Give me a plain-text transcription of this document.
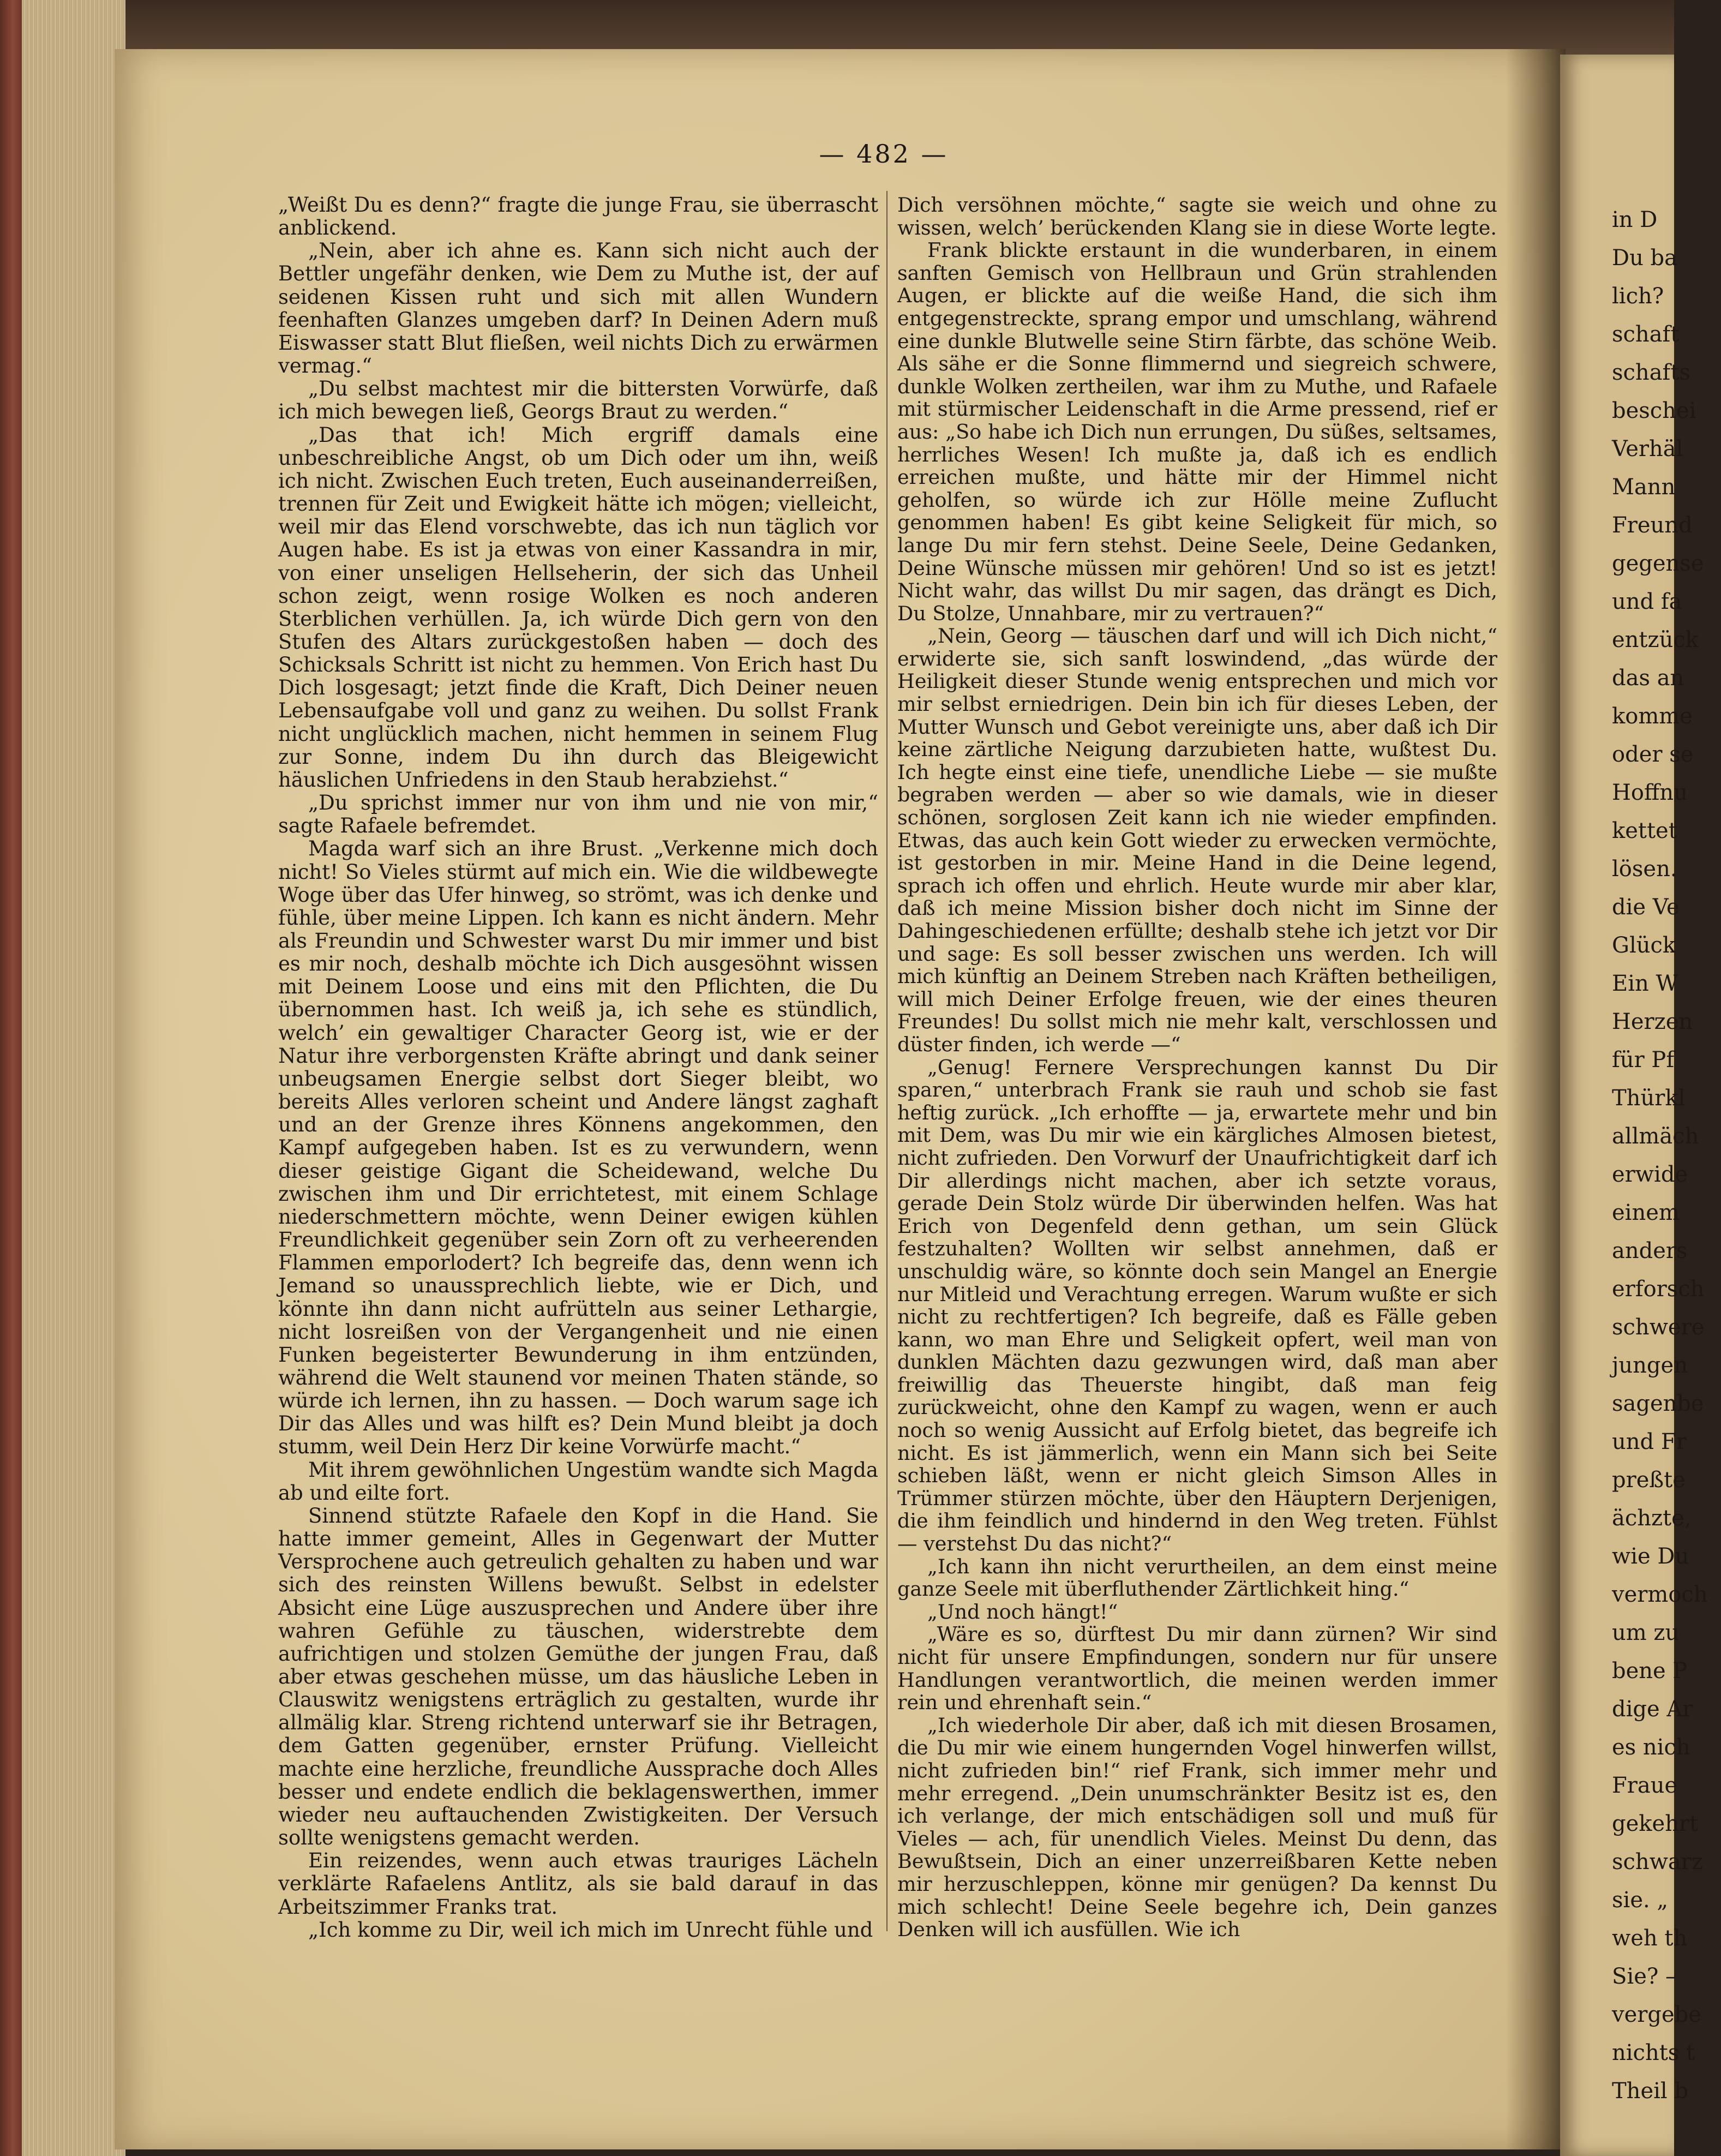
— 482 —

„Weißt Du es denn?“ fragte die junge Frau, sie überrascht anblickend.

„Nein, aber ich ahne es. Kann sich nicht auch der Bettler ungefähr denken, wie Dem zu Muthe ist, der auf seidenen Kissen ruht und sich mit allen Wundern feenhaften Glanzes umgeben darf? In Deinen Adern muß Eiswasser statt Blut fließen, weil nichts Dich zu erwärmen vermag.“

„Du selbst machtest mir die bittersten Vorwürfe, daß ich mich bewegen ließ, Georgs Braut zu werden.“

„Das that ich! Mich ergriff damals eine unbeschreibliche Angst, ob um Dich oder um ihn, weiß ich nicht. Zwischen Euch treten, Euch auseinanderreißen, trennen für Zeit und Ewigkeit hätte ich mögen; vielleicht, weil mir das Elend vorschwebte, das ich nun täglich vor Augen habe. Es ist ja etwas von einer Kassandra in mir, von einer unseligen Hellseherin, der sich das Unheil schon zeigt, wenn rosige Wolken es noch anderen Sterblichen verhüllen. Ja, ich würde Dich gern von den Stufen des Altars zurückgestoßen haben — doch des Schicksals Schritt ist nicht zu hemmen. Von Erich hast Du Dich losgesagt; jetzt finde die Kraft, Dich Deiner neuen Lebensaufgabe voll und ganz zu weihen. Du sollst Frank nicht unglücklich machen, nicht hemmen in seinem Flug zur Sonne, indem Du ihn durch das Bleigewicht häuslichen Unfriedens in den Staub herabziehst.“

„Du sprichst immer nur von ihm und nie von mir,“ sagte Rafaele befremdet.

Magda warf sich an ihre Brust. „Verkenne mich doch nicht! So Vieles stürmt auf mich ein. Wie die wildbewegte Woge über das Ufer hinweg, so strömt, was ich denke und fühle, über meine Lippen. Ich kann es nicht ändern. Mehr als Freundin und Schwester warst Du mir immer und bist es mir noch, deshalb möchte ich Dich ausgesöhnt wissen mit Deinem Loose und eins mit den Pflichten, die Du übernommen hast. Ich weiß ja, ich sehe es stündlich, welch’ ein gewaltiger Character Georg ist, wie er der Natur ihre verborgensten Kräfte abringt und dank seiner unbeugsamen Energie selbst dort Sieger bleibt, wo bereits Alles verloren scheint und Andere längst zaghaft und an der Grenze ihres Könnens angekommen, den Kampf aufgegeben haben. Ist es zu verwundern, wenn dieser geistige Gigant die Scheidewand, welche Du zwischen ihm und Dir errichtetest, mit einem Schlage niederschmettern möchte, wenn Deiner ewigen kühlen Freundlichkeit gegenüber sein Zorn oft zu verheerenden Flammen emporlodert? Ich begreife das, denn wenn ich Jemand so unaussprechlich liebte, wie er Dich, und könnte ihn dann nicht aufrütteln aus seiner Lethargie, nicht losreißen von der Vergangenheit und nie einen Funken begeisterter Bewunderung in ihm entzünden, während die Welt staunend vor meinen Thaten stände, so würde ich lernen, ihn zu hassen. — Doch warum sage ich Dir das Alles und was hilft es? Dein Mund bleibt ja doch stumm, weil Dein Herz Dir keine Vorwürfe macht.“

Mit ihrem gewöhnlichen Ungestüm wandte sich Magda ab und eilte fort.

Sinnend stützte Rafaele den Kopf in die Hand. Sie hatte immer gemeint, Alles in Gegenwart der Mutter Versprochene auch getreulich gehalten zu haben und war sich des reinsten Willens bewußt. Selbst in edelster Absicht eine Lüge auszusprechen und Andere über ihre wahren Gefühle zu täuschen, widerstrebte dem aufrichtigen und stolzen Gemüthe der jungen Frau, daß aber etwas geschehen müsse, um das häusliche Leben in Clauswitz wenigstens erträglich zu gestalten, wurde ihr allmälig klar. Streng richtend unterwarf sie ihr Betragen, dem Gatten gegenüber, ernster Prüfung. Vielleicht machte eine herzliche, freundliche Aussprache doch Alles besser und endete endlich die beklagenswerthen, immer wieder neu auftauchenden Zwistigkeiten. Der Versuch sollte wenigstens gemacht werden.

Ein reizendes, wenn auch etwas trauriges Lächeln verklärte Rafaelens Antlitz, als sie bald darauf in das Arbeitszimmer Franks trat.

„Ich komme zu Dir, weil ich mich im Unrecht fühle und

Dich versöhnen möchte,“ sagte sie weich und ohne zu wissen, welch’ berückenden Klang sie in diese Worte legte.

Frank blickte erstaunt in die wunderbaren, in einem sanften Gemisch von Hellbraun und Grün strahlenden Augen, er blickte auf die weiße Hand, die sich ihm entgegenstreckte, sprang empor und umschlang, während eine dunkle Blutwelle seine Stirn färbte, das schöne Weib. Als sähe er die Sonne flimmernd und siegreich schwere, dunkle Wolken zertheilen, war ihm zu Muthe, und Rafaele mit stürmischer Leidenschaft in die Arme pressend, rief er aus: „So habe ich Dich nun errungen, Du süßes, seltsames, herrliches Wesen! Ich mußte ja, daß ich es endlich erreichen mußte, und hätte mir der Himmel nicht geholfen, so würde ich zur Hölle meine Zuflucht genommen haben! Es gibt keine Seligkeit für mich, so lange Du mir fern stehst. Deine Seele, Deine Gedanken, Deine Wünsche müssen mir gehören! Und so ist es jetzt! Nicht wahr, das willst Du mir sagen, das drängt es Dich, Du Stolze, Unnahbare, mir zu vertrauen?“

„Nein, Georg — täuschen darf und will ich Dich nicht,“ erwiderte sie, sich sanft loswindend, „das würde der Heiligkeit dieser Stunde wenig entsprechen und mich vor mir selbst erniedrigen. Dein bin ich für dieses Leben, der Mutter Wunsch und Gebot vereinigte uns, aber daß ich Dir keine zärtliche Neigung darzubieten hatte, wußtest Du. Ich hegte einst eine tiefe, unendliche Liebe — sie mußte begraben werden — aber so wie damals, wie in dieser schönen, sorglosen Zeit kann ich nie wieder empfinden. Etwas, das auch kein Gott wieder zu erwecken vermöchte, ist gestorben in mir. Meine Hand in die Deine legend, sprach ich offen und ehrlich. Heute wurde mir aber klar, daß ich meine Mission bisher doch nicht im Sinne der Dahingeschiedenen erfüllte; deshalb stehe ich jetzt vor Dir und sage: Es soll besser zwischen uns werden. Ich will mich künftig an Deinem Streben nach Kräften betheiligen, will mich Deiner Erfolge freuen, wie der eines theuren Freundes! Du sollst mich nie mehr kalt, verschlossen und düster finden, ich werde —“

„Genug! Fernere Versprechungen kannst Du Dir sparen,“ unterbrach Frank sie rauh und schob sie fast heftig zurück. „Ich erhoffte — ja, erwartete mehr und bin mit Dem, was Du mir wie ein kärgliches Almosen bietest, nicht zufrieden. Den Vorwurf der Unaufrichtigkeit darf ich Dir allerdings nicht machen, aber ich setzte voraus, gerade Dein Stolz würde Dir überwinden helfen. Was hat Erich von Degenfeld denn gethan, um sein Glück festzuhalten? Wollten wir selbst annehmen, daß er unschuldig wäre, so könnte doch sein Mangel an Energie nur Mitleid und Verachtung erregen. Warum wußte er sich nicht zu rechtfertigen? Ich begreife, daß es Fälle geben kann, wo man Ehre und Seligkeit opfert, weil man von dunklen Mächten dazu gezwungen wird, daß man aber freiwillig das Theuerste hingibt, daß man feig zurückweicht, ohne den Kampf zu wagen, wenn er auch noch so wenig Aussicht auf Erfolg bietet, das begreife ich nicht. Es ist jämmerlich, wenn ein Mann sich bei Seite schieben läßt, wenn er nicht gleich Simson Alles in Trümmer stürzen möchte, über den Häuptern Derjenigen, die ihm feindlich und hindernd in den Weg treten. Fühlst — verstehst Du das nicht?“

„Ich kann ihn nicht verurtheilen, an dem einst meine ganze Seele mit überfluthender Zärtlichkeit hing.“

„Und noch hängt!“

„Wäre es so, dürftest Du mir dann zürnen? Wir sind nicht für unsere Empfindungen, sondern nur für unsere Handlungen verantwortlich, die meinen werden immer rein und ehrenhaft sein.“

„Ich wiederhole Dir aber, daß ich mit diesen Brosamen, die Du mir wie einem hungernden Vogel hinwerfen willst, nicht zufrieden bin!“ rief Frank, sich immer mehr und mehr erregend. „Dein unumschränkter Besitz ist es, den ich verlange, der mich entschädigen soll und muß für Vieles — ach, für unendlich Vieles. Meinst Du denn, das Bewußtsein, Dich an einer unzerreißbaren Kette neben mir herzuschleppen, könne mir genügen? Da kennst Du mich schlecht! Deine Seele begehre ich, Dein ganzes Denken will ich ausfüllen. Wie ich

in D
Du ba
lich?
schaft
schafts
beschei
Verhäl
Mann
Freund
gegense
und fa
entzück
das an
komme
oder se
Hoffnu
kettet
lösen.
die Ve
Glück
Ein W
Herzen
für Pf
Thürkl
allmäch
erwide
einem
anders
erforsch
schwere
jungen
sagenbe
und Fr
preßte
ächzte,
wie Du
vermoch
um zu
bene P
dige Ar
es nich
Fraue
gekehrt
schwarz
sie. „
weh th
Sie? –
vergebe
nichts t
Theil b
